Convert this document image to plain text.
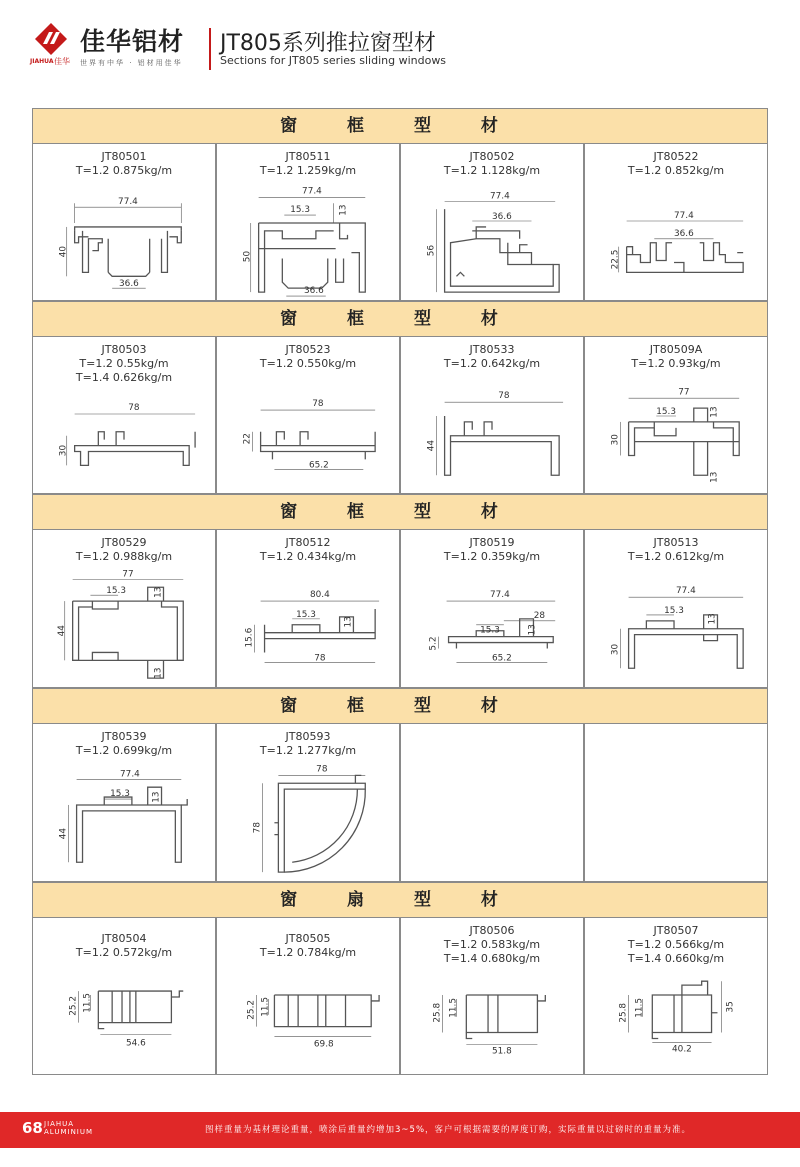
佳华铝材
JIAHUA 佳华 世界有中华 · 铝材用佳华
JT805系列推拉窗型材
Sections for JT805 series sliding windows
窗 框 型 材
窗 框 型 材
窗 框 型 材
窗 框 型 材
窗 扇 型 材
JT80501
T=1.2 0.875kg/m
77.4
40
36.6
JT80511
T=1.2 1.259kg/m
77.4
15.3	13
50
36.6
JT80502
T=1.2 1.128kg/m
77.4
36.6
56
JT80522
T=1.2 0.852kg/m
77.4
36.6
22.5
JT80503
T=1.2 0.55kg/m
T=1.4 0.626kg/m
78
30
JT80523
T=1.2 0.550kg/m
78
22
65.2
JT80533
T=1.2 0.642kg/m
78
44
JT80509A
T=1.2 0.93kg/m
77
15.3	13
30
13
JT80529
T=1.2 0.988kg/m
77
15.3	13
44
13
JT80512
T=1.2 0.434kg/m
80.4
15.3
13
15.6
78
JT80519
T=1.2 0.359kg/m
77.4
28
15.3	13
5.2
65.2
JT80513
T=1.2 0.612kg/m
77.4
15.3
13
30
JT80539
T=1.2 0.699kg/m
77.4
15.3 13
44
JT80593
T=1.2 1.277kg/m
78
78
JT80504
T=1.2 0.572kg/m
25.2 11.5
54.6
JT80505
T=1.2 0.784kg/m
25.2 11.5
69.8
JT80506
T=1.2 0.583kg/m
T=1.4 0.680kg/m
25.8 11.5
51.8
JT80507
T=1.2 0.566kg/m
T=1.4 0.660kg/m
25.8 11.5	35
40.2
68 JIAHUA
ALUMINIUM	图样重量为基材理论重量，喷涂后重量约增加3~5%，客户可根据需要的厚度订购，实际重量以过磅时的重量为准。
